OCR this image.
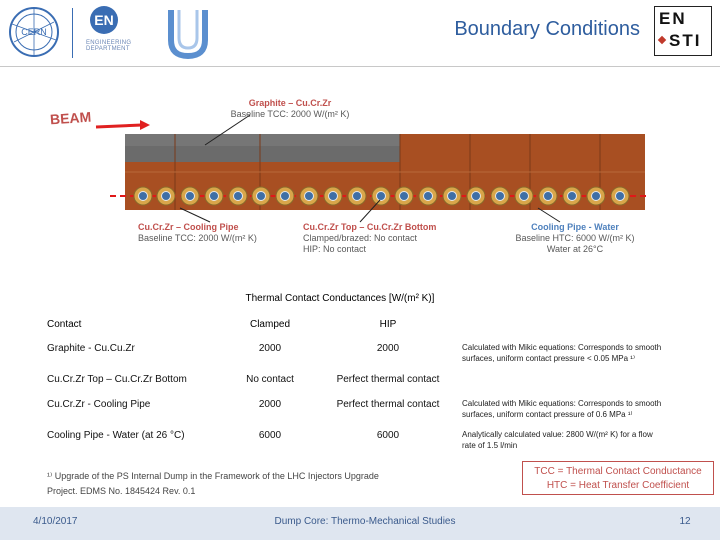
CERN
EN
ENGINEERING
DEPARTMENT
Boundary Conditions EN
STI
BEAM
Graphite – Cu.Cr.Zr
Baseline TCC: 2000 W/(m² K)
Cu.Cr.Zr – Cooling Pipe
Baseline TCC: 2000 W/(m² K)
Cu.Cr.Zr Top – Cu.Cr.Zr Bottom
Clamped/brazed: No contact
HIP: No contact
Cooling Pipe - Water
Baseline HTC: 6000 W/(m² K)
Water at 26°C
Thermal Contact Conductances [W/(m² K)]
Contact	Clamped	HIP
Graphite - Cu.Cu.Zr	2000	2000	Calculated with Mikic equations: Corresponds to smooth
surfaces, uniform contact pressure < 0.05 MPa ¹⁾
Cu.Cr.Zr Top – Cu.Cr.Zr Bottom	No contact	Perfect thermal contact
Cu.Cr.Zr - Cooling Pipe	2000	Perfect thermal contact	Calculated with Mikic equations: Corresponds to smooth
surfaces, uniform contact pressure of 0.6 MPa ¹⁾
Cooling Pipe - Water (at 26 °C)	6000	6000	Analytically calculated value: 2800 W/(m² K) for a flow
rate of 1.5 l/min
¹⁾ Upgrade of the PS Internal Dump in the Framework of the LHC Injectors Upgrade
Project. EDMS No. 1845424 Rev. 0.1
TCC = Thermal Contact Conductance
HTC = Heat Transfer Coefficient
4/10/2017	Dump Core: Thermo-Mechanical Studies	12
